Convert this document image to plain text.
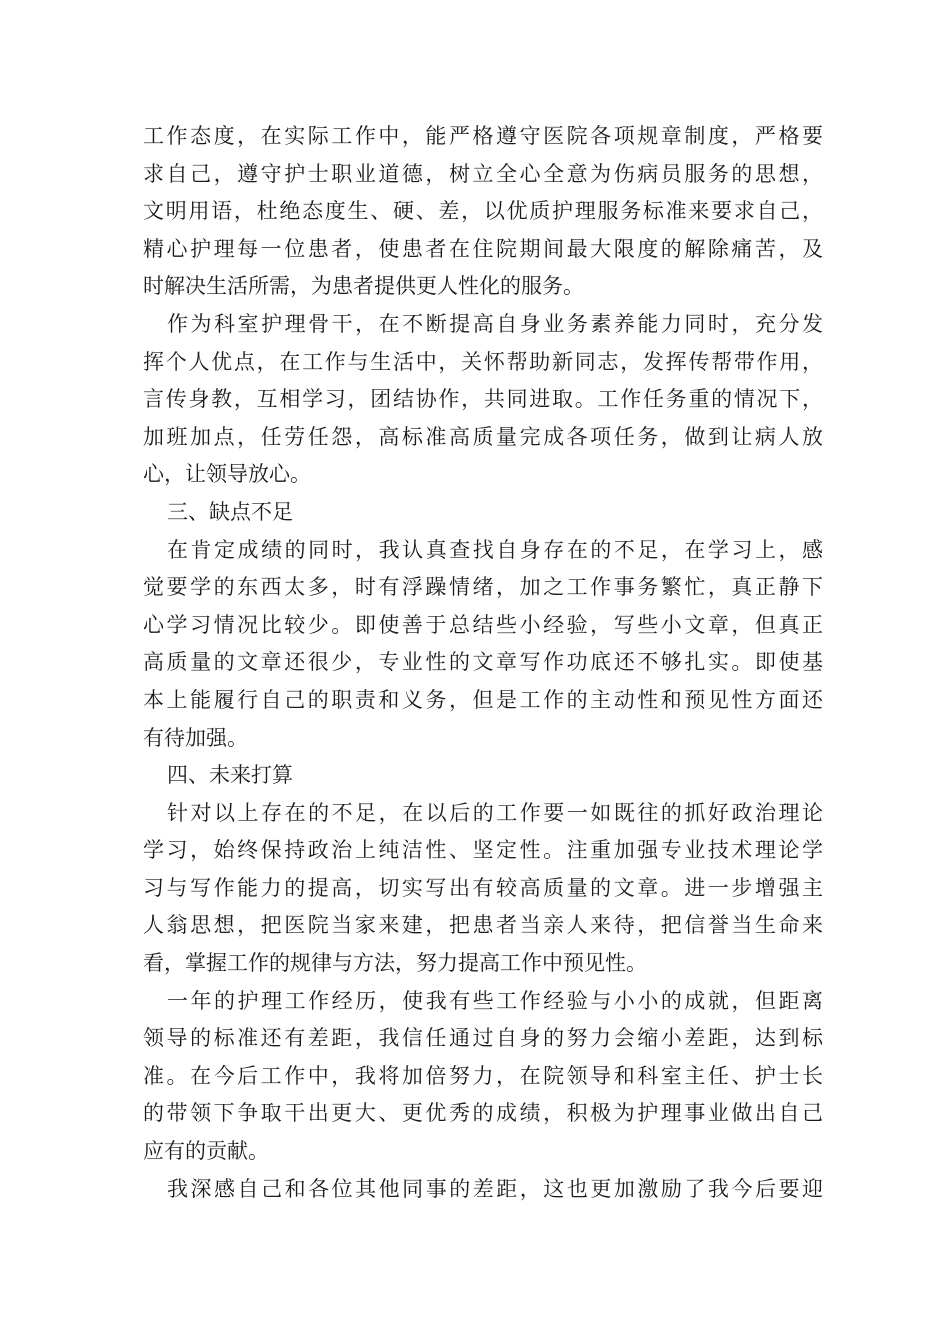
工作态度，在实际工作中，能严格遵守医院各项规章制度，严格要
求自己，遵守护士职业道德，树立全心全意为伤病员服务的思想，
文明用语，杜绝态度生、硬、差，以优质护理服务标准来要求自己，
精心护理每一位患者，使患者在住院期间最大限度的解除痛苦，及
时解决生活所需，为患者提供更人性化的服务。
作为科室护理骨干，在不断提高自身业务素养能力同时，充分发
挥个人优点，在工作与生活中，关怀帮助新同志，发挥传帮带作用，
言传身教，互相学习，团结协作，共同进取。工作任务重的情况下，
加班加点，任劳任怨，高标准高质量完成各项任务，做到让病人放
心，让领导放心。
三、缺点不足
在肯定成绩的同时，我认真查找自身存在的不足，在学习上，感
觉要学的东西太多，时有浮躁情绪，加之工作事务繁忙，真正静下
心学习情况比较少。即使善于总结些小经验，写些小文章，但真正
高质量的文章还很少，专业性的文章写作功底还不够扎实。即使基
本上能履行自己的职责和义务，但是工作的主动性和预见性方面还
有待加强。
四、未来打算
针对以上存在的不足，在以后的工作要一如既往的抓好政治理论
学习，始终保持政治上纯洁性、坚定性。注重加强专业技术理论学
习与写作能力的提高，切实写出有较高质量的文章。进一步增强主
人翁思想，把医院当家来建，把患者当亲人来待，把信誉当生命来
看，掌握工作的规律与方法，努力提高工作中预见性。
一年的护理工作经历，使我有些工作经验与小小的成就，但距离
领导的标准还有差距，我信任通过自身的努力会缩小差距，达到标
准。在今后工作中，我将加倍努力，在院领导和科室主任、护士长
的带领下争取干出更大、更优秀的成绩，积极为护理事业做出自己
应有的贡献。
我深感自己和各位其他同事的差距，这也更加激励了我今后要迎
